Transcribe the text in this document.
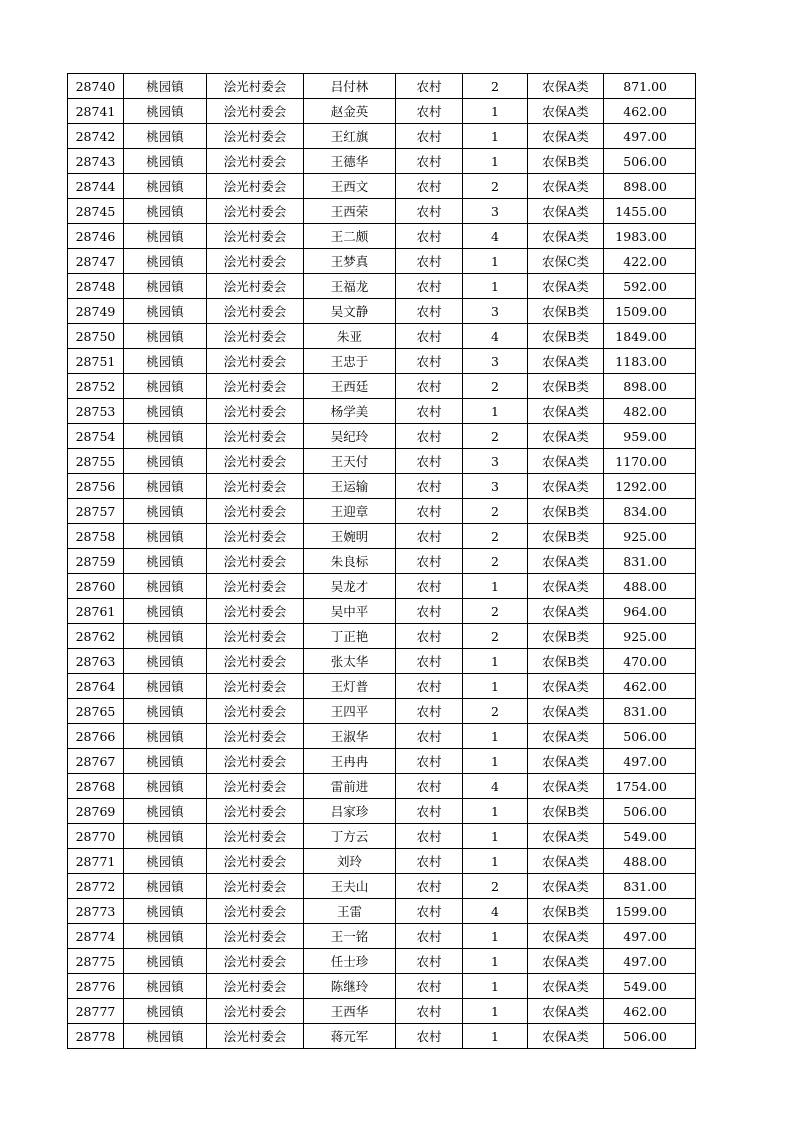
28740	桃园镇	浍光村委会	吕付林	农村	2	农保A类	871.00
28741	桃园镇	浍光村委会	赵金英	农村	1	农保A类	462.00
28742	桃园镇	浍光村委会	王红旗	农村	1	农保A类	497.00
28743	桃园镇	浍光村委会	王德华	农村	1	农保B类	506.00
28744	桃园镇	浍光村委会	王西文	农村	2	农保A类	898.00
28745	桃园镇	浍光村委会	王西荣	农村	3	农保A类	1455.00
28746	桃园镇	浍光村委会	王二颇	农村	4	农保A类	1983.00
28747	桃园镇	浍光村委会	王梦真	农村	1	农保C类	422.00
28748	桃园镇	浍光村委会	王福龙	农村	1	农保A类	592.00
28749	桃园镇	浍光村委会	吴文静	农村	3	农保B类	1509.00
28750	桃园镇	浍光村委会	朱亚	农村	4	农保B类	1849.00
28751	桃园镇	浍光村委会	王忠于	农村	3	农保A类	1183.00
28752	桃园镇	浍光村委会	王西廷	农村	2	农保B类	898.00
28753	桃园镇	浍光村委会	杨学美	农村	1	农保A类	482.00
28754	桃园镇	浍光村委会	吴纪玲	农村	2	农保A类	959.00
28755	桃园镇	浍光村委会	王天付	农村	3	农保A类	1170.00
28756	桃园镇	浍光村委会	王运输	农村	3	农保A类	1292.00
28757	桃园镇	浍光村委会	王迎章	农村	2	农保B类	834.00
28758	桃园镇	浍光村委会	王婉明	农村	2	农保B类	925.00
28759	桃园镇	浍光村委会	朱良标	农村	2	农保A类	831.00
28760	桃园镇	浍光村委会	吴龙才	农村	1	农保A类	488.00
28761	桃园镇	浍光村委会	吴中平	农村	2	农保A类	964.00
28762	桃园镇	浍光村委会	丁正艳	农村	2	农保B类	925.00
28763	桃园镇	浍光村委会	张太华	农村	1	农保B类	470.00
28764	桃园镇	浍光村委会	王灯普	农村	1	农保A类	462.00
28765	桃园镇	浍光村委会	王四平	农村	2	农保A类	831.00
28766	桃园镇	浍光村委会	王淑华	农村	1	农保A类	506.00
28767	桃园镇	浍光村委会	王冉冉	农村	1	农保A类	497.00
28768	桃园镇	浍光村委会	雷前进	农村	4	农保A类	1754.00
28769	桃园镇	浍光村委会	吕家珍	农村	1	农保B类	506.00
28770	桃园镇	浍光村委会	丁方云	农村	1	农保A类	549.00
28771	桃园镇	浍光村委会	刘玲	农村	1	农保A类	488.00
28772	桃园镇	浍光村委会	王夫山	农村	2	农保A类	831.00
28773	桃园镇	浍光村委会	王雷	农村	4	农保B类	1599.00
28774	桃园镇	浍光村委会	王一铭	农村	1	农保A类	497.00
28775	桃园镇	浍光村委会	任士珍	农村	1	农保A类	497.00
28776	桃园镇	浍光村委会	陈继玲	农村	1	农保A类	549.00
28777	桃园镇	浍光村委会	王西华	农村	1	农保A类	462.00
28778	桃园镇	浍光村委会	蒋元军	农村	1	农保A类	506.00
